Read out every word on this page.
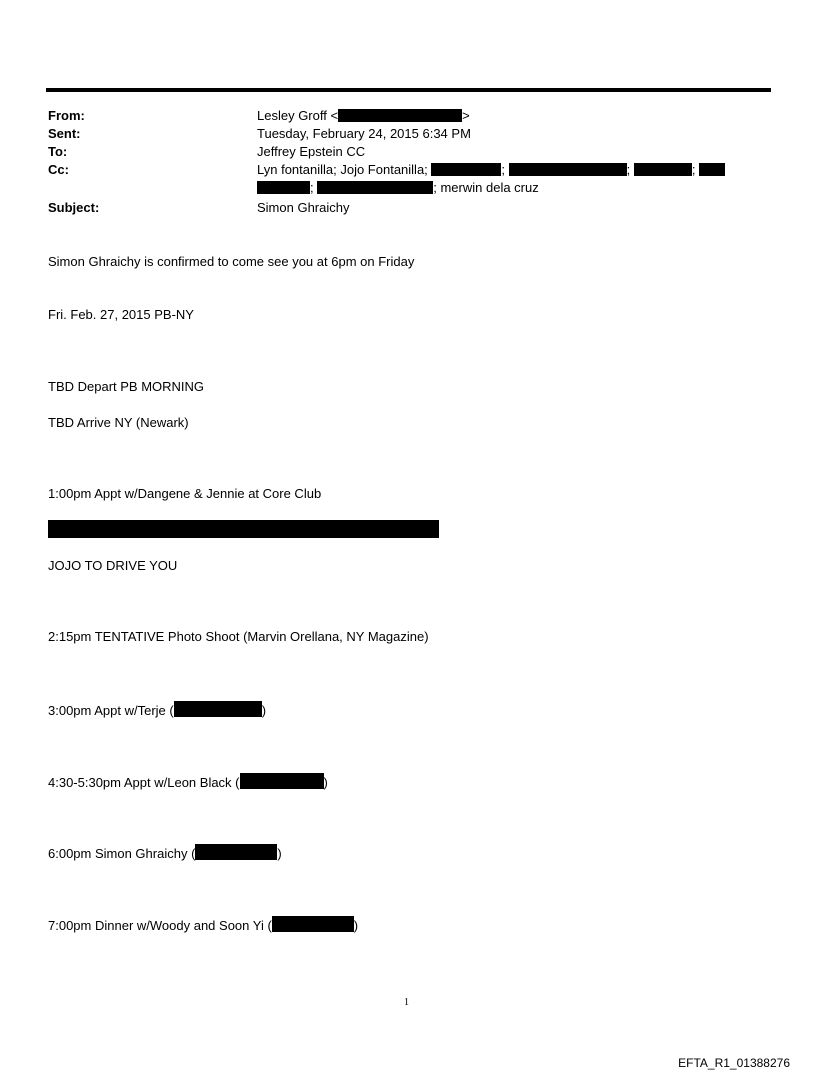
From:	Lesley Groff <	>
Sent:	Tuesday, February 24, 2015 6:34 PM
To:	Jeffrey Epstein CC
Cc:	Lyn fontanilla; Jojo Fontanilla;	;	;	;
;	; merwin dela cruz
Subject:	Simon Ghraichy
Simon Ghraichy is confirmed to come see you at 6pm on Friday
Fri. Feb. 27, 2015 PB-NY
TBD Depart PB MORNING
TBD Arrive NY (Newark)
1:00pm Appt w/Dangene & Jennie at Core Club
JOJO TO DRIVE YOU
2:15pm TENTATIVE Photo Shoot (Marvin Orellana, NY Magazine)
3:00pm Appt w/Terje (	)
4:30-5:30pm Appt w/Leon Black (	)
6:00pm Simon Ghraichy (	)
7:00pm Dinner w/Woody and Soon Yi (	)
1
EFTA_R1_01388276
